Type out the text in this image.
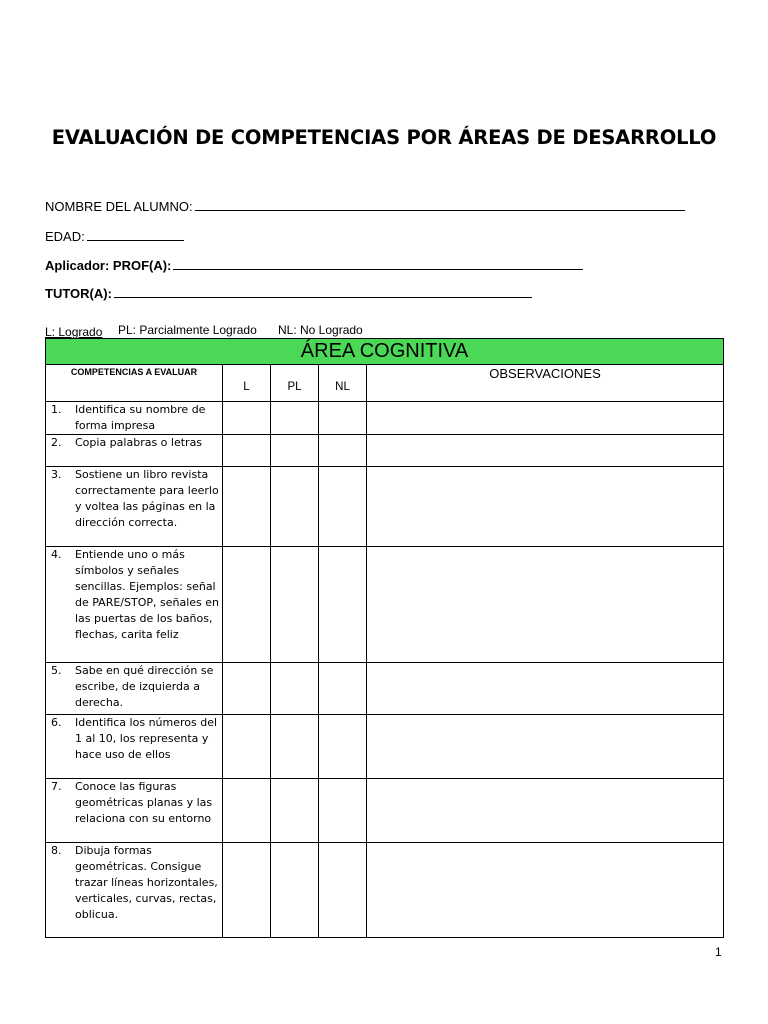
EVALUACIÓN DE COMPETENCIAS POR ÁREAS DE DESARROLLO
NOMBRE DEL ALUMNO:
EDAD:
Aplicador: PROF(A):
TUTOR(A):
L: Logrado PL: Parcialmente Logrado NL: No Logrado
ÁREA COGNITIVA				
COMPETENCIAS A EVALUAR	L	PL	NL	OBSERVACIONES

1. Identifica su nombre de forma impresa				

2. Copia palabras o letras				

3. Sostiene un libro revista correctamente para leerlo y voltea las páginas en la dirección correcta.				

4. Entiende uno o más símbolos y señales sencillas. Ejemplos: señal de PARE/STOP, señales en las puertas de los baños, flechas, carita feliz				

5. Sabe en qué dirección se escribe, de izquierda a derecha.				

6. Identifica los números del 1 al 10, los representa y hace uso de ellos				

7. Conoce las figuras geométricas planas y las relaciona con su entorno				

8. Dibuja formas geométricas. Consigue trazar líneas horizontales, verticales, curvas, rectas, oblicua.				

1
